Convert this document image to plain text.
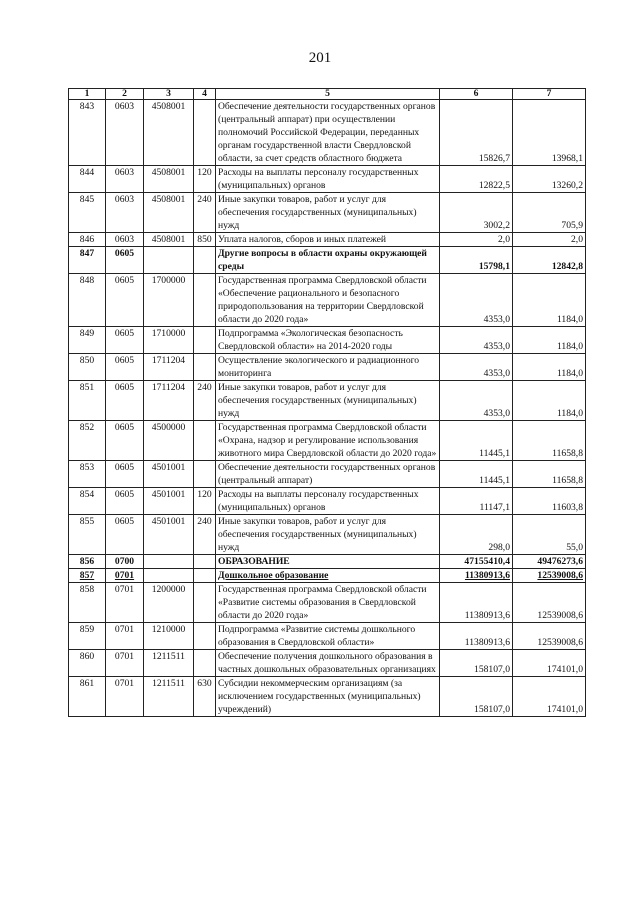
201
1	2	3	4	5	6	7
843	0603	4508001		Обеспечение деятельности государственных органов (центральный аппарат) при осуществлении полномочий Российской Федерации, переданных органам государственной власти Свердловской области, за счет средств областного бюджета	15826,7	13968,1
844	0603	4508001	120	Расходы на выплаты персоналу государственных (муниципальных) органов	12822,5	13260,2
845	0603	4508001	240	Иные закупки товаров, работ и услуг для обеспечения государственных (муниципальных) нужд	3002,2	705,9
846	0603	4508001	850	Уплата налогов, сборов и иных платежей	2,0	2,0
847	0605			Другие вопросы в области охраны окружающей среды	15798,1	12842,8
848	0605	1700000		Государственная программа Свердловской области «Обеспечение рационального и безопасного природопользования на территории Свердловской области до 2020 года»	4353,0	1184,0
849	0605	1710000		Подпрограмма «Экологическая безопасность Свердловской области» на 2014-2020 годы	4353,0	1184,0
850	0605	1711204		Осуществление экологического и радиационного мониторинга	4353,0	1184,0
851	0605	1711204	240	Иные закупки товаров, работ и услуг для обеспечения государственных (муниципальных) нужд	4353,0	1184,0
852	0605	4500000		Государственная программа Свердловской области «Охрана, надзор и регулирование использования животного мира Свердловской области до 2020 года»	11445,1	11658,8
853	0605	4501001		Обеспечение деятельности государственных органов (центральный аппарат)	11445,1	11658,8
854	0605	4501001	120	Расходы на выплаты персоналу государственных (муниципальных) органов	11147,1	11603,8
855	0605	4501001	240	Иные закупки товаров, работ и услуг для обеспечения государственных (муниципальных) нужд	298,0	55,0
856	0700			ОБРАЗОВАНИЕ	47155410,4	49476273,6
857	0701			Дошкольное образование	11380913,6	12539008,6
858	0701	1200000		Государственная программа Свердловской области «Развитие системы образования в Свердловской области до 2020 года»	11380913,6	12539008,6
859	0701	1210000		Подпрограмма «Развитие системы дошкольного образования в Свердловской области»	11380913,6	12539008,6
860	0701	1211511		Обеспечение получения дошкольного образования в частных дошкольных образовательных организациях	158107,0	174101,0
861	0701	1211511	630	Субсидии некоммерческим организациям (за исключением государственных (муниципальных) учреждений)	158107,0	174101,0
